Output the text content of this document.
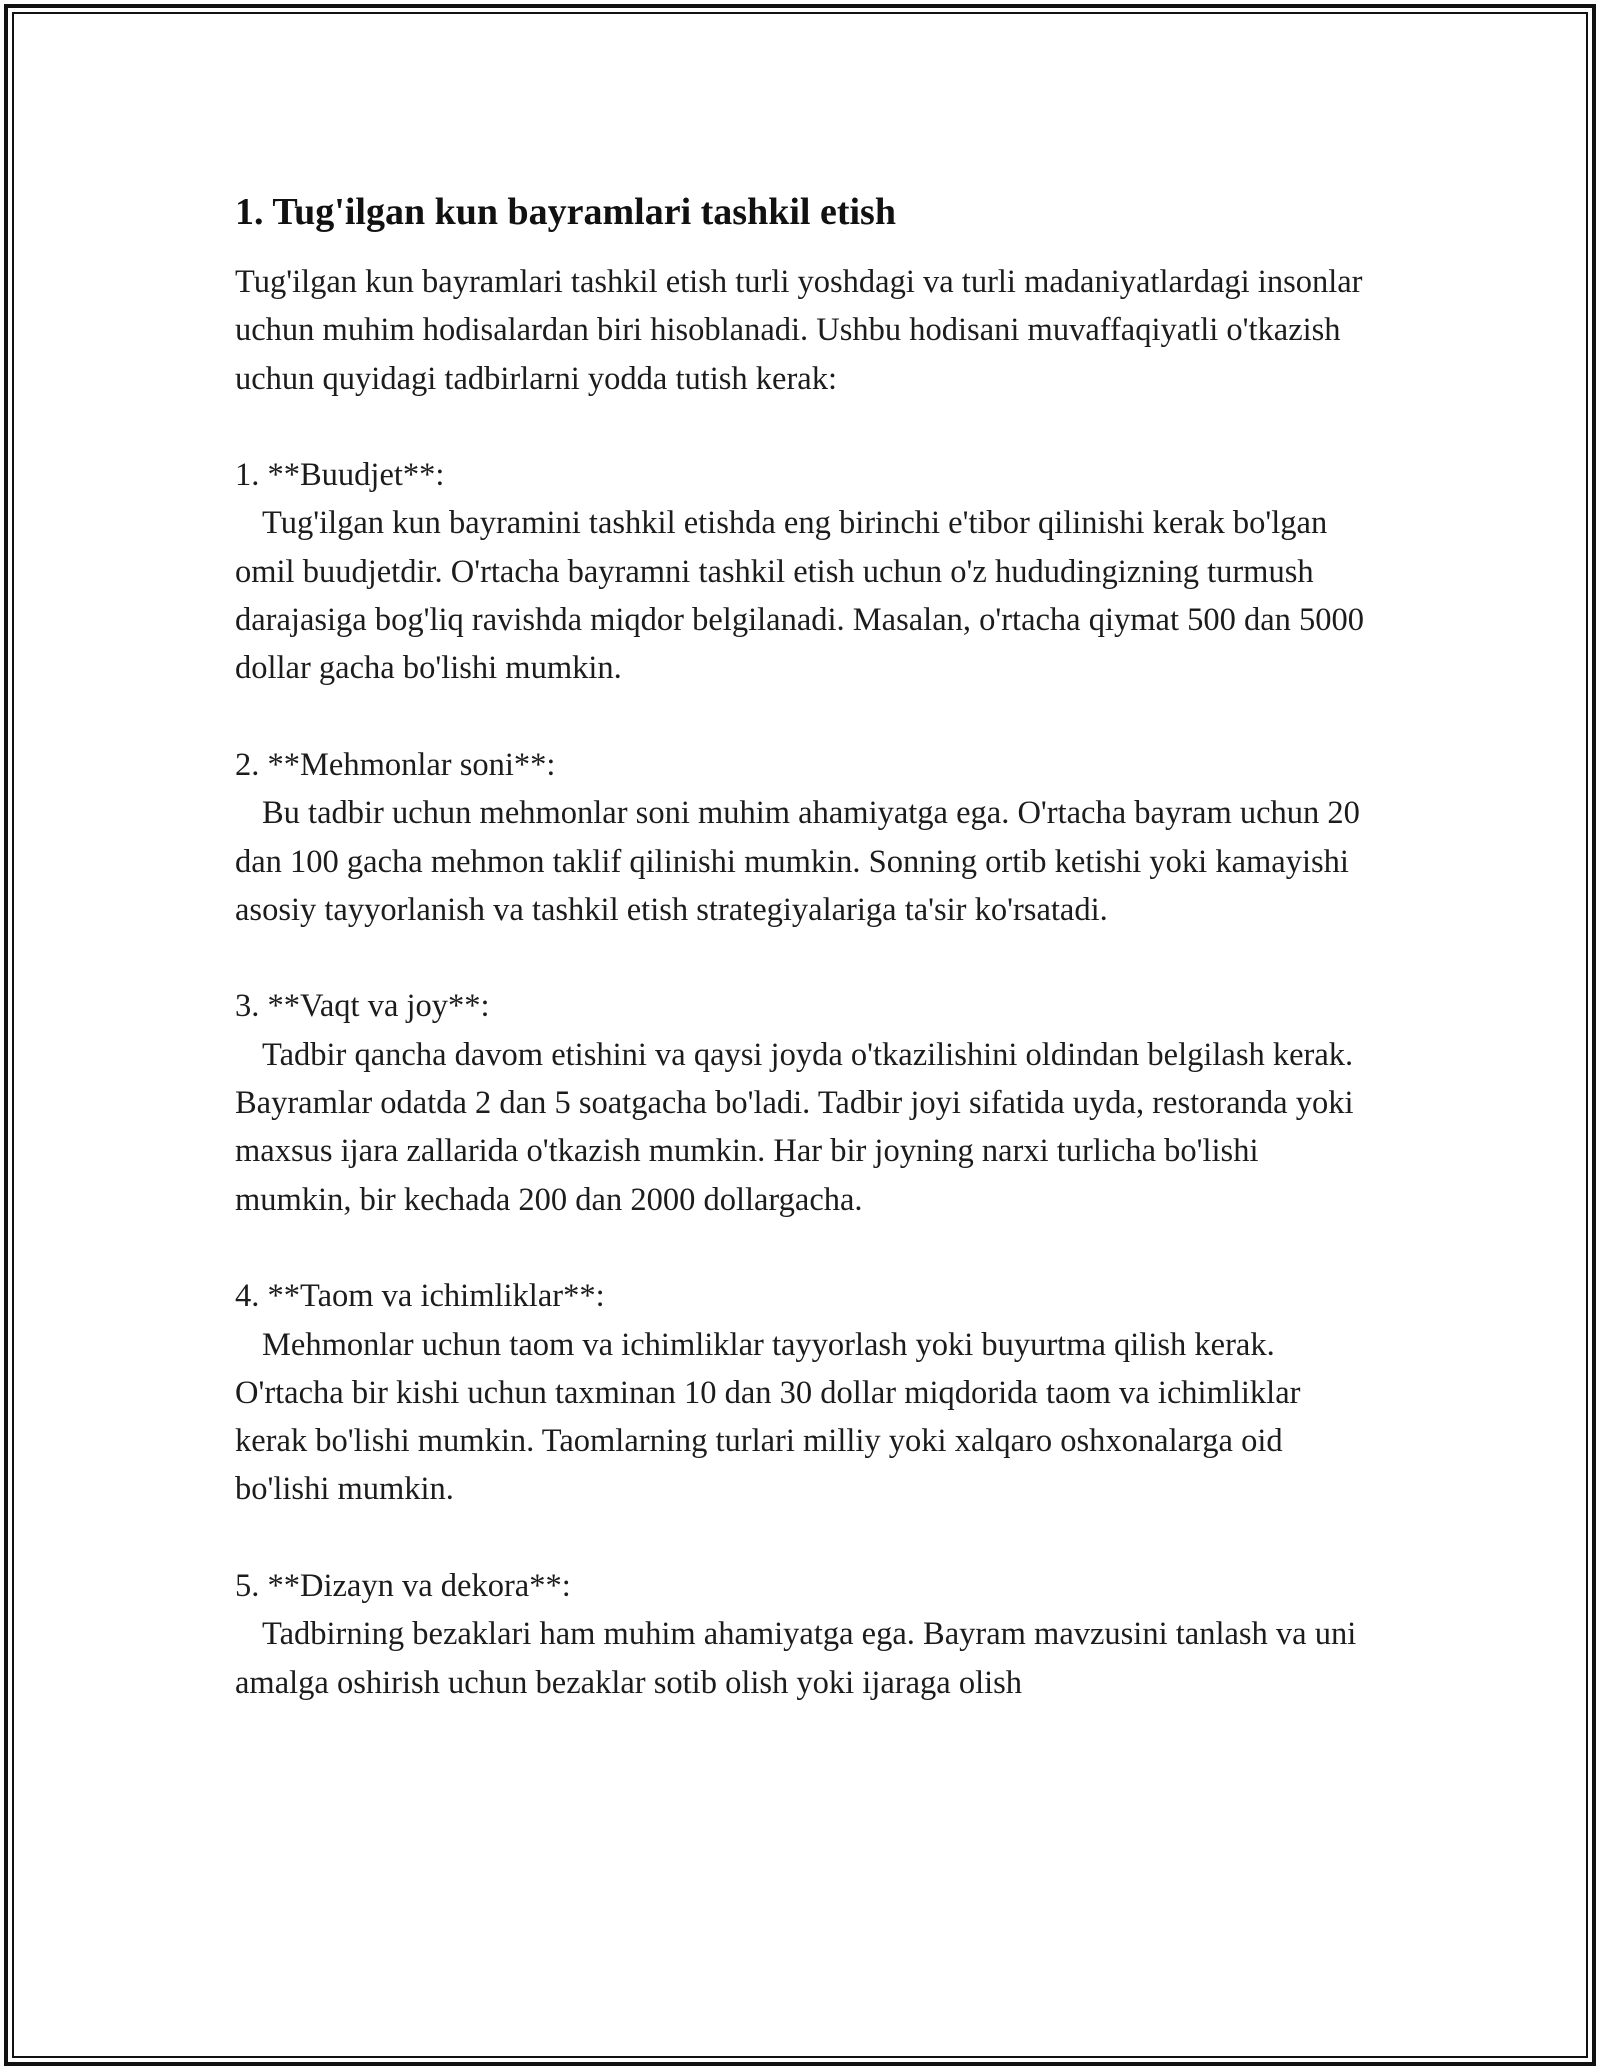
1. Tug'ilgan kun bayramlari tashkil etish

Tug'ilgan kun bayramlari tashkil etish turli yoshdagi va turli madaniyatlardagi insonlar uchun muhim hodisalardan biri hisoblanadi. Ushbu hodisani muvaffaqiyatli o'tkazish uchun quyidagi tadbirlarni yodda tutish kerak:

1. **Buudjet**:

Tug'ilgan kun bayramini tashkil etishda eng birinchi e'tibor qilinishi kerak bo'lgan omil buudjetdir. O'rtacha bayramni tashkil etish uchun o'z hududingizning turmush darajasiga bog'liq ravishda miqdor belgilanadi. Masalan, o'rtacha qiymat 500 dan 5000 dollar gacha bo'lishi mumkin.

2. **Mehmonlar soni**:

Bu tadbir uchun mehmonlar soni muhim ahamiyatga ega. O'rtacha bayram uchun 20 dan 100 gacha mehmon taklif qilinishi mumkin. Sonning ortib ketishi yoki kamayishi asosiy tayyorlanish va tashkil etish strategiyalariga ta'sir ko'rsatadi.

3. **Vaqt va joy**:

Tadbir qancha davom etishini va qaysi joyda o'tkazilishini oldindan belgilash kerak. Bayramlar odatda 2 dan 5 soatgacha bo'ladi. Tadbir joyi sifatida uyda, restoranda yoki maxsus ijara zallarida o'tkazish mumkin. Har bir joyning narxi turlicha bo'lishi mumkin, bir kechada 200 dan 2000 dollargacha.

4. **Taom va ichimliklar**:

Mehmonlar uchun taom va ichimliklar tayyorlash yoki buyurtma qilish kerak. O'rtacha bir kishi uchun taxminan 10 dan 30 dollar miqdorida taom va ichimliklar kerak bo'lishi mumkin. Taomlarning turlari milliy yoki xalqaro oshxonalarga oid bo'lishi mumkin.

5. **Dizayn va dekora**:

Tadbirning bezaklari ham muhim ahamiyatga ega. Bayram mavzusini tanlash va uni amalga oshirish uchun bezaklar sotib olish yoki ijaraga olish
